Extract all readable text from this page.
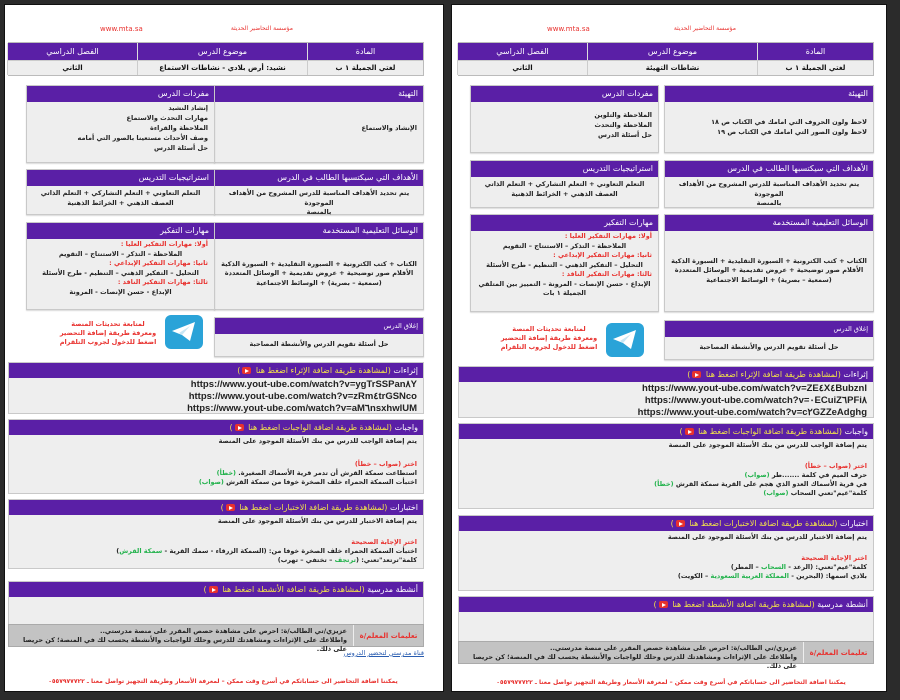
مؤسسة التحاضير الحديثة
www.mta.sa
المادة
موضوع الدرس
الفصل الدراسي
لغتي الجميلة ١ ب
نشيد: أرض بلادي - نشاطات الاستماع
الثاني
التهيئة
الإنشاد والاستماع
مفردات الدرس
إنشاد النشيد
مهارات التحدث والاستماع
الملاحظة والقراءة
وصف الأحداث مستعينا بالصور التي أمامه
حل أسئلة الدرس
الأهداف التي سيكتسبها الطالب في الدرس
يتم تحديد الأهداف المناسبة للدرس المشروح من الأهداف الموجودة
بالمنصة
استراتيجيات التدريس
التعلم التعاوني + التعلم التشاركي + التعلم الذاتي
العصف الذهني + الخرائط الذهنية
الوسائل التعليمية المستخدمة
الكتاب + كتب الكترونية + السبورة التقليدية + السبورة الذكية
الأقلام صور توضيحية + عروض تقديمية + الوسائل المتعددة
(سمعية – بصرية) + الوسائط الاجتماعية
مهارات التفكير
أولا: مهارات التفكير العليا :
الملاحظة – التذكر – الاستنتاج – التقويم
ثانيا: مهارات التفكير الإبداعي :
التحليل – التفكير الذهني – التنظيم - طرح الأسئلة
ثالثا: مهارات التفكير الناقد :
الإبداع - حسن الإنصات - المرونة
إغلاق الدرس
حل أسئلة تقويم الدرس والأنشطة المصاحبة
لمتابعة تحديثات المنصة
ومعرفة طريقة إضافة التحضير
اضغط للدخول لجروب التلقرام
إثراءات (لمشاهدة طريقة اضافة الإثراء اضغط هنا )
https://www.yout-ube.com/watch?v=ygTrSSPan٨Y
https://www.yout-ube.com/watch?v=zRm٤trGSNco
https://www.yout-ube.com/watch?v=aM٦nsxhwlUM
واجبات (لمشاهدة طريقة اضافة الواجبات اضغط هنا )
يتم إضافة الواجب للدرس من بنك الأسئلة الموجود على المنصة
اختر (صواب – خطأ)
استطاعت سمكة القرش أن تدمر قرية الأسماك الصغيرة. (خطأ)
اختبأت السمكة الحمراء خلف الصخرة خوفا من سمكة القرش (صواب)
اختبارات (لمشاهدة طريقة اضافة الاختبارات اضغط هنا )
يتم إضافة الاختبار للدرس من بنك الأسئلة الموجود على المنصة
اختر الإجابة الصحيحة
اختبأت السمكة الحمراء خلف الصخرة خوفا من: (السمكة الزرقاء - سمك القرية - سمكة القرش)
كلمة"ترتعد"تعني: (ترتجف – تختفي – تهرب)
أنشطة مدرسية (لمشاهدة طريقة اضافة الأنشطة اضغط هنا )
تعليمات المعلم/ة
عزيزي/تي الطالب/ة: احرص على مشاهدة حصص المقرر على منصة مدرستي..
واطلاعك على الإثراءات ومشاهدتك للدرس وحلك للواجبات والأنشطة يحسب لك في المنصة؛ كن حريصا على ذلك.
قناة مدرستي لتحضير الدروس
يمكننا اضافة التحاضير الى حساباتكم في أسرع وقت ممكن – لمعرفة الأسعار وطريقة التجهيز تواصل معنا ـ ٠٥٥٧٩٧٧٧٢٢
مؤسسة التحاضير الحديثة
www.mta.sa
المادة
موضوع الدرس
الفصل الدراسي
لغتي الجميلة ١ ب
نشاطات التهيئة
الثاني
التهيئة
لاحظ ولون الحروف التي امامك في الكتاب ص ١٨
لاحظ ولون الصور التي امامك في الكتاب ص ١٩
مفردات الدرس
الملاحظة والتلوين
الملاحظة والتحدث
حل أسئلة الدرس
الأهداف التي سيكتسبها الطالب في الدرس
يتم تحديد الأهداف المناسبة للدرس المشروح من الأهداف الموجودة
بالمنصة
استراتيجيات التدريس
التعلم التعاوني + التعلم التشاركي + التعلم الذاتي
العصف الذهني + الخرائط الذهنية
الوسائل التعليمية المستخدمة
الكتاب + كتب الكترونية + السبورة التقليدية + السبورة الذكية
الأقلام صور توضيحية + عروض تقديمية + الوسائل المتعددة
(سمعية – بصرية) + الوسائط الاجتماعية
مهارات التفكير
أولا: مهارات التفكير العليا :
الملاحظة – التذكر – الاستنتاج – التقويم
ثانيا: مهارات التفكير الإبداعي :
التحليل – التفكير الذهني – التنظيم - طرح الأسئلة
ثالثا: مهارات التفكير الناقد :
الإبداع - حسن الإنصات - المرونة – التمييز بين المتلقي الجميلة ١ بات
إغلاق الدرس
حل أسئلة تقويم الدرس والأنشطة المصاحبة
لمتابعة تحديثات المنصة
ومعرفة طريقة إضافة التحضير
اضغط للدخول لجروب التلقرام
إثراءات (لمشاهدة طريقة اضافة الإثراء اضغط هنا )
https://www.yout-ube.com/watch?v=ZE٤X٤Bubznl
https://www.yout-ube.com/watch?v=٠ECuiZ٦PFi٨
https://www.yout-ube.com/watch?v=c٢GZZeAdghg
واجبات (لمشاهدة طريقة اضافة الواجبات اضغط هنا )
يتم إضافة الواجب للدرس من بنك الأسئلة الموجود على المنصة
اختر (صواب – خطأ)
حرف الميم في كلمة .......طر (صواب)
في قرية الأسماك العدو الذي هجم على القرية سمكة القرش (خطأ)
كلمة"غيم"تعني السحاب (صواب)
اختبارات (لمشاهدة طريقة اضافة الاختبارات اضغط هنا )
يتم إضافة الاختبار للدرس من بنك الأسئلة الموجود على المنصة
اختر الإجابة الصحيحة
كلمة"غيم"تعني: (الرعد - السحاب – المطر)
بلادي اسمها: (البحرين - المملكة العربية السعودية – الكويت)
أنشطة مدرسية (لمشاهدة طريقة اضافة الأنشطة اضغط هنا )
تعليمات المعلم/ة
عزيزي/تي الطالب/ة: احرص على مشاهدة حصص المقرر على منصة مدرستي..
واطلاعك على الإثراءات ومشاهدتك للدرس وحلك للواجبات والأنشطة يحسب لك في المنصة؛ كن حريصا على ذلك.
يمكننا اضافة التحاضير الى حساباتكم في أسرع وقت ممكن – لمعرفة الأسعار وطريقة التجهيز تواصل معنا ـ ٠٥٥٧٩٧٧٧٢٢
